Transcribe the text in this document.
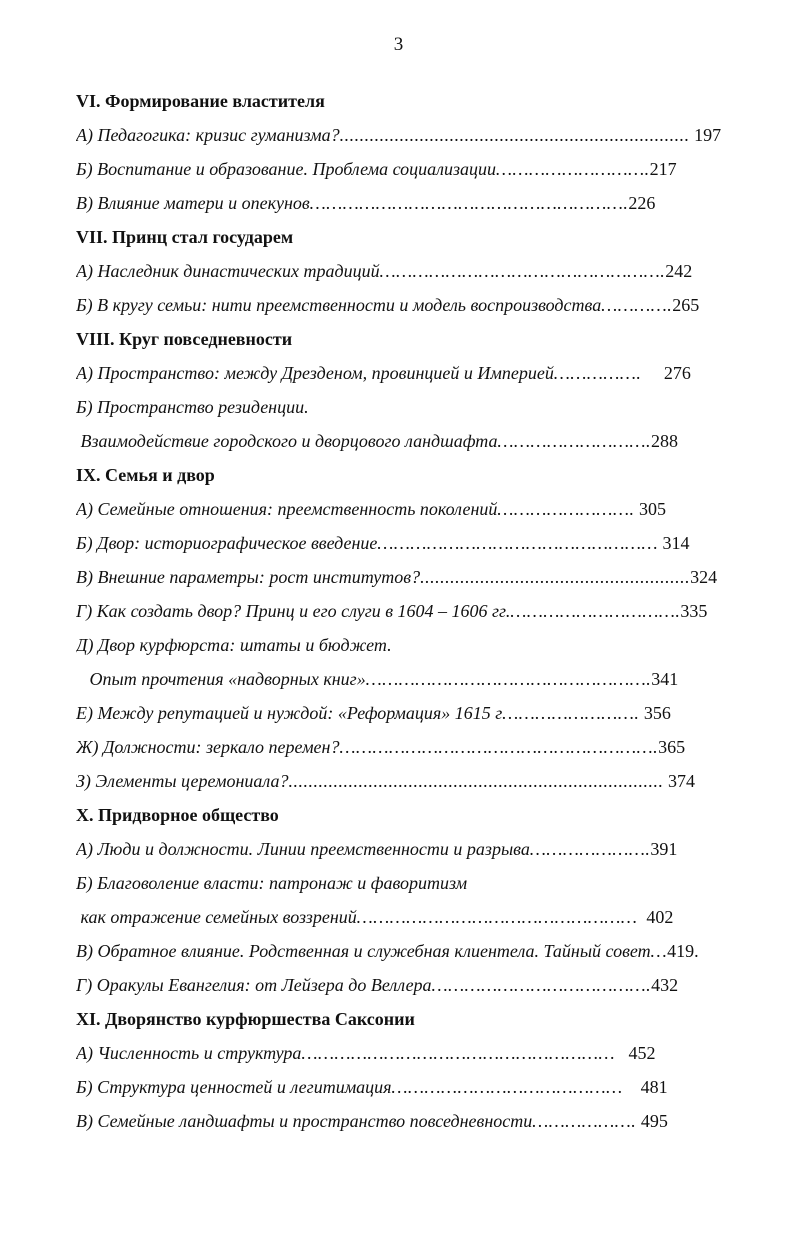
3
VI. Формирование властителя
А) Педагогика: кризис гуманизма?...................................................................... 197
Б) Воспитание и образование. Проблема социализации……………………….217
В) Влияние матери и опекунов………………………………………………….226
VII. Принц стал государем
А) Наследник династических традиций…………………………………………….242
Б) В кругу семьи: нити преемственности и модель воспроизводства………….265
VIII. Круг повседневности
А) Пространство: между Дрезденом, провинцией и Империей…………….     276
Б) Пространство резиденции.
Взаимодействие городского и дворцового ландшафта……………………….288
IX. Семья и двор
А) Семейные отношения: преемственность поколений……………………. 305
Б) Двор: историографическое введение…………………………………………… 314
В) Внешние параметры: рост институтов?......................................................324
Г) Как создать двор? Принц и его слуги в 1604 – 1606 гг.………………………….335
Д) Двор курфюрста: штаты и бюджет.
Опыт прочтения «надворных книг»…………………………………………….341
Е) Между репутацией и нуждой: «Реформация» 1615 г……………………. 356
Ж) Должности: зеркало перемен?………………………………………………….365
З) Элементы церемониала?........................................................................... 374
X. Придворное общество
А) Люди и должности. Линии преемственности и разрыва………………….391
Б) Благоволение власти: патронаж и фаворитизм
как отражение семейных воззрений……………………………………………  402
В) Обратное влияние. Родственная и служебная клиентела. Тайный совет…419.
Г) Оракулы Евангелия: от Лейзера до Веллера………………………………….432
XI. Дворянство курфюршества Саксонии
А) Численность и структура…………………………………………………   452
Б) Структура ценностей и легитимация……………………………………    481
В) Семейные ландшафты и пространство повседневности………………. 495
